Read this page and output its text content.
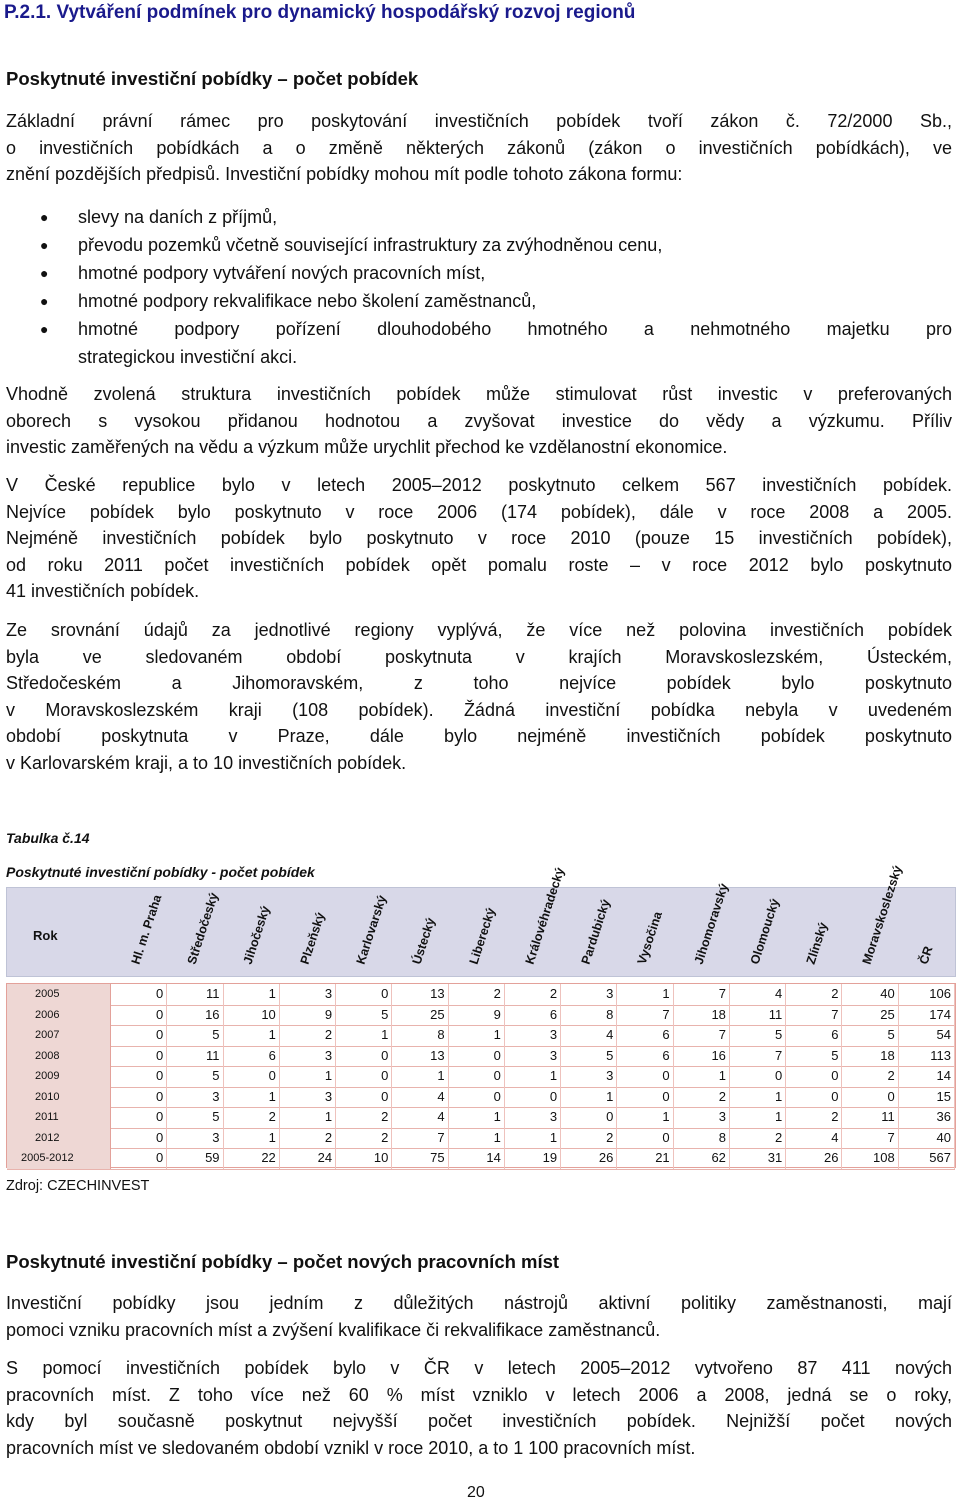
P.2.1. Vytváření podmínek pro dynamický hospodářský rozvoj regionů
Poskytnuté investiční pobídky – počet pobídek
Základní právní rámec pro poskytování investičních pobídek tvoří zákon č. 72/2000 Sb.,
o investičních pobídkách a o změně některých zákonů (zákon o investičních pobídkách), ve
znění pozdějších předpisů. Investiční pobídky mohou mít podle tohoto zákona formu:
● slevy na daních z příjmů,
● převodu pozemků včetně související infrastruktury za zvýhodněnou cenu,
● hmotné podpory vytváření nových pracovních míst,
● hmotné podpory rekvalifikace nebo školení zaměstnanců,
● hmotné podpory pořízení dlouhodobého hmotného a nehmotného majetku pro
strategickou investiční akci.
Vhodně zvolená struktura investičních pobídek může stimulovat růst investic v preferovaných
oborech s vysokou přidanou hodnotou a zvyšovat investice do vědy a výzkumu. Příliv
investic zaměřených na vědu a výzkum může urychlit přechod ke vzdělanostní ekonomice.
V České republice bylo v letech 2005–2012 poskytnuto celkem 567 investičních pobídek.
Nejvíce pobídek bylo poskytnuto v roce 2006 (174 pobídek), dále v roce 2008 a 2005.
Nejméně investičních pobídek bylo poskytnuto v roce 2010 (pouze 15 investičních pobídek),
od roku 2011 počet investičních pobídek opět pomalu roste – v roce 2012 bylo poskytnuto
41 investičních pobídek.
Ze srovnání údajů za jednotlivé regiony vyplývá, že více než polovina investičních pobídek
byla ve sledovaném období poskytnuta v krajích Moravskoslezském, Ústeckém,
Středočeském a Jihomoravském, z toho nejvíce pobídek bylo poskytnuto
v Moravskoslezském kraji (108 pobídek). Žádná investiční pobídka nebyla v uvedeném
období poskytnuta v Praze, dále bylo nejméně investičních pobídek poskytnuto
v Karlovarském kraji, a to 10 investičních pobídek.
Tabulka č.14
Poskytnuté investiční pobídky - počet pobídek
Rok	Hl. m. Praha Středočeský Jihočeský Plzeňský Karlovarský Ústecký Liberecký Královéhradecký Pardubický Vysočina Jihomoravský Olomoucký Zlínský Moravskoslezský ČR
2005	0	11	1	3	0	13	2	2	3	1	7	4	2	40	106
2006	0	16	10	9	5	25	9	6	8	7	18	11	7	25	174
2007	0	5	1	2	1	8	1	3	4	6	7	5	6	5	54
2008	0	11	6	3	0	13	0	3	5	6	16	7	5	18	113
2009	0	5	0	1	0	1	0	1	3	0	1	0	0	2	14
2010	0	3	1	3	0	4	0	0	1	0	2	1	0	0	15
2011	0	5	2	1	2	4	1	3	0	1	3	1	2	11	36
2012	0	3	1	2	2	7	1	1	2	0	8	2	4	7	40
2005-2012	0	59	22	24	10	75	14	19	26	21	62	31	26	108	567
Zdroj: CZECHINVEST
Poskytnuté investiční pobídky – počet nových pracovních míst
Investiční pobídky jsou jedním z důležitých nástrojů aktivní politiky zaměstnanosti, mají
pomoci vzniku pracovních míst a zvýšení kvalifikace či rekvalifikace zaměstnanců.
S pomocí investičních pobídek bylo v ČR v letech 2005–2012 vytvořeno 87 411 nových
pracovních míst. Z toho více než 60 % míst vzniklo v letech 2006 a 2008, jedná se o roky,
kdy byl současně poskytnut nejvyšší počet investičních pobídek. Nejnižší počet nových
pracovních míst ve sledovaném období vznikl v roce 2010, a to 1 100 pracovních míst.
20
